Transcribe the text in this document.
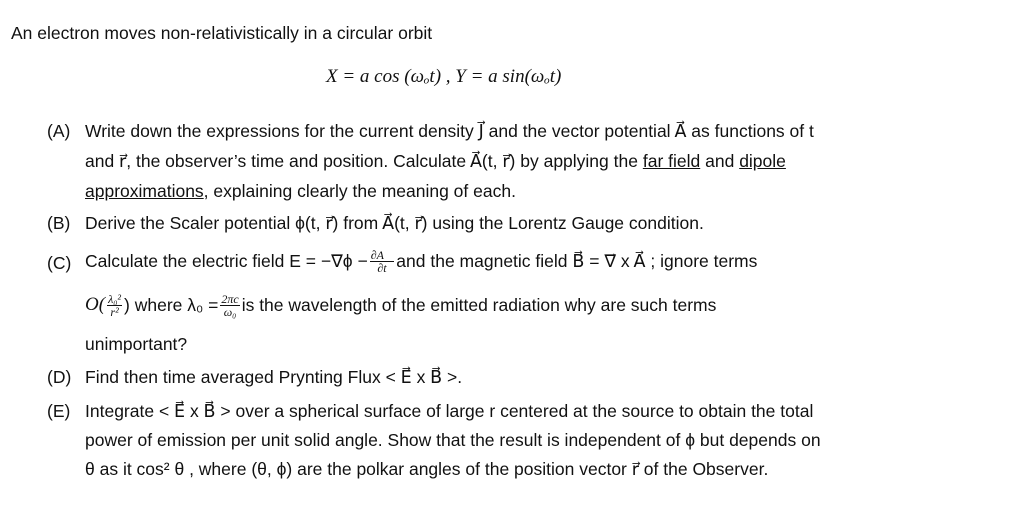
An electron moves non-relativistically in a circular orbit
X = a cos (ωₒt) , Y = a sin(ωₒt)
(A) Write down the expressions for the current density J⃗ and the vector potential A⃗ as functions of t
and r⃗, the observer’s time and position. Calculate A⃗(t, r⃗) by applying the far field and dipole
approximations, explaining clearly the meaning of each.
(B) Derive the Scaler potential ϕ(t, r⃗) from A⃗(t, r⃗) using the Lorentz Gauge condition.
(C) Calculate the electric field $E = -\nabla\phi - \frac{\partial A⃗}{\partial t}$ and the magnetic field B⃗ = ∇⃗ x A⃗ ; ignore terms
$O( \frac{\text{λ₀²}}{\text{r²}}$ ) where $\lambda_0 = \frac{2\pi c}{\text{ω₀}}$ is the wavelength of the emitted radiation why are such terms
unimportant?
(D) Find then time averaged Prynting Flux < E⃗ x B⃗ >.
(E) Integrate < E⃗ x B⃗ > over a spherical surface of large r centered at the source to obtain the total
power of emission per unit solid angle. Show that the result is independent of ϕ but depends on
θ as it cos² θ , where (θ, ϕ) are the polkar angles of the position vector r⃗ of the Observer.
